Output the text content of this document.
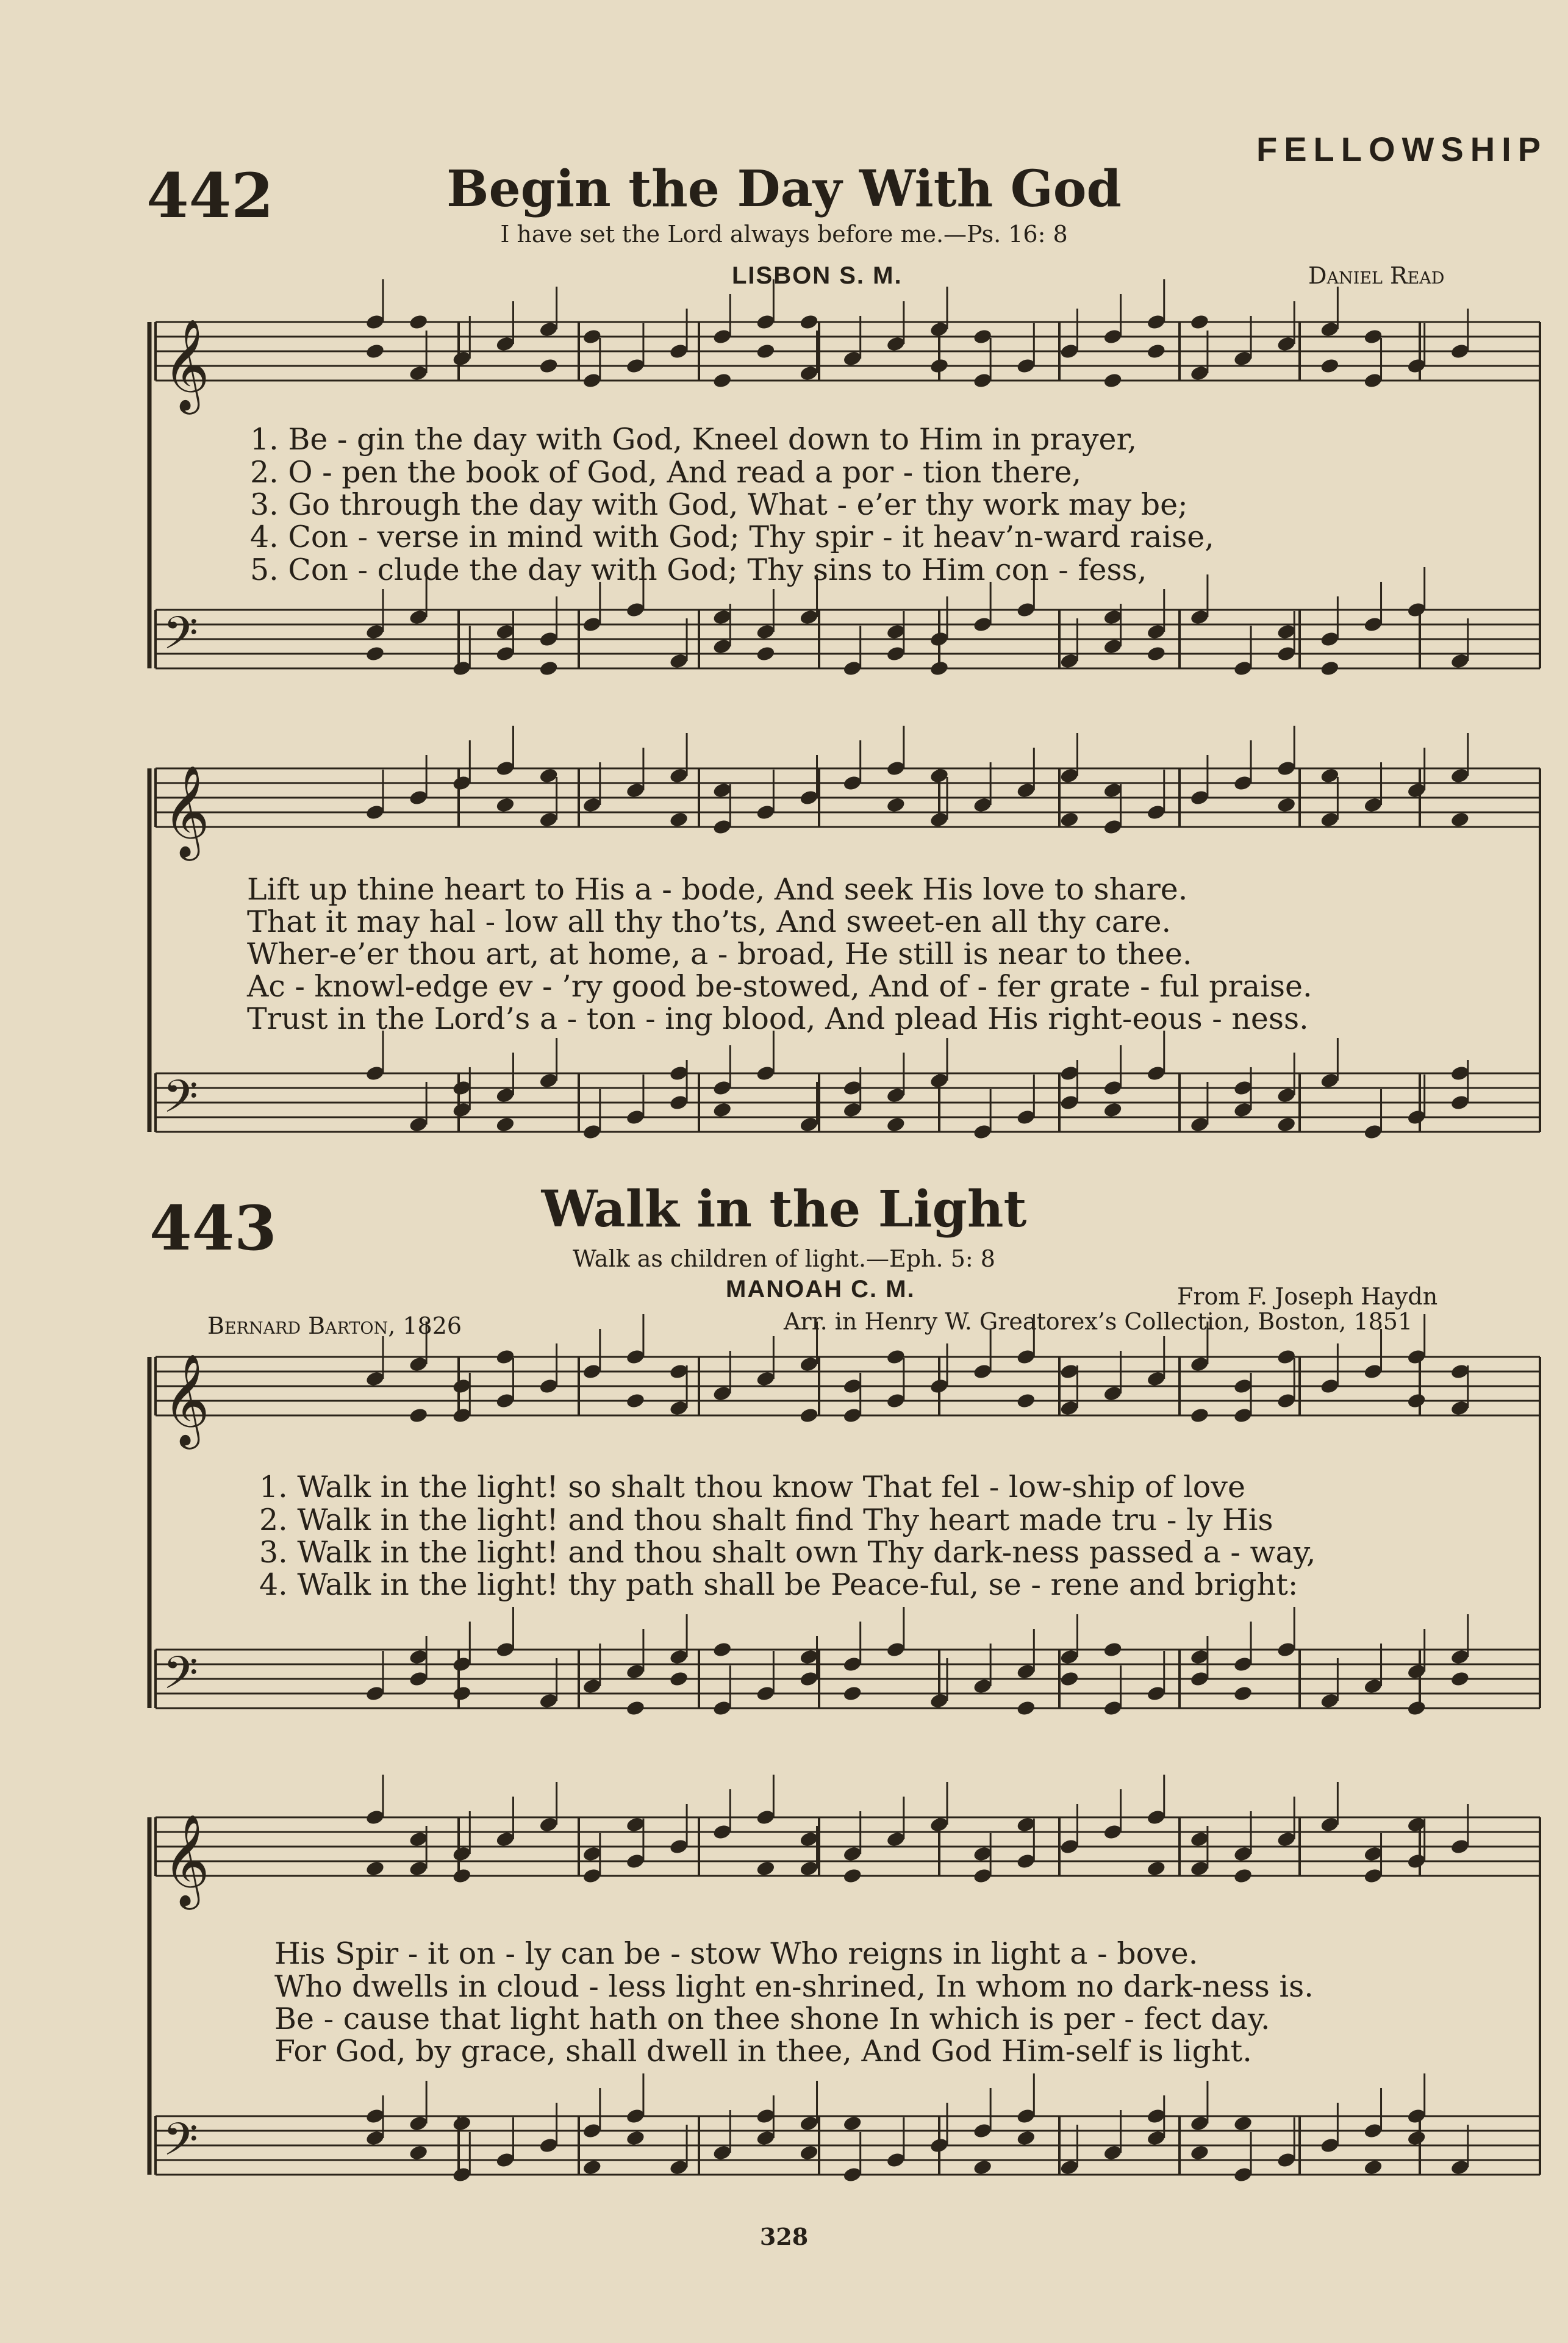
𝄞
𝄢
𝄞
𝄢
𝄞
𝄢
𝄞
𝄢
FELLOWSHIP
442	Begin the Day With God
I have set the Lord always before me.—Ps. 16: 8
LISBON S. M.	Daniel Read
1. Be - gin the day with God, Kneel down to Him in prayer,
2. O - pen the book of God, And read a por - tion there,
3. Go through the day with God, What - e’er thy work may be;
4. Con - verse in mind with God; Thy spir - it heav’n-ward raise,
5. Con - clude the day with God; Thy sins to Him con - fess,
Lift up thine heart to His a - bode, And seek His love to share.
That it may hal - low all thy tho’ts, And sweet-en all thy care.
Wher-e’er thou art, at home, a - broad, He still is near to thee.
Ac - knowl-edge ev - ’ry good be-stowed, And of - fer grate - ful praise.
Trust in the Lord’s a - ton - ing blood, And plead His right-eous - ness.
443	Walk in the Light
Walk as children of light.—Eph. 5: 8
MANOAH C. M.	From F. Joseph Haydn
Bernard Barton, 1826	Arr. in Henry W. Greatorex’s Collection, Boston, 1851
1. Walk in the light! so shalt thou know That fel - low-ship of love
2. Walk in the light! and thou shalt find Thy heart made tru - ly His
3. Walk in the light! and thou shalt own Thy dark-ness passed a - way,
4. Walk in the light! thy path shall be Peace-ful, se - rene and bright:
His Spir - it on - ly can be - stow Who reigns in light a - bove.
Who dwells in cloud - less light en-shrined, In whom no dark-ness is.
Be - cause that light hath on thee shone In which is per - fect day.
For God, by grace, shall dwell in thee, And God Him-self is light.
328
